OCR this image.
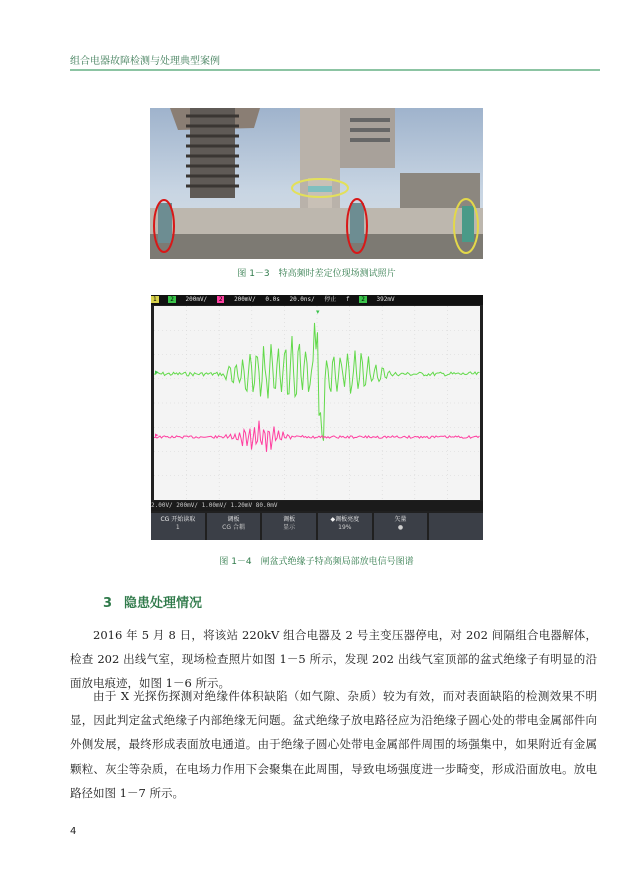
组合电器故障检测与处理典型案例
图 1－3　特高频时差定位现场测试照片
1 2 200mV/ 2 200mV/ 0.0s 20.0ns/ 停止 f 2 392mV
▸
▸
▾
2.00V/ 200mV/ 1.00mV/ 1.20mV 80.0mV
CG 开始读取
1
调板
CG 合耦
调板
显示
◆调板亮度
19%
矢量
●
图 1－4　闸盆式绝缘子特高频局部放电信号图谱
3 隐患处理情况
2016 年 5 月 8 日，将该站 220kV 组合电器及 2 号主变压器停电，对 202 间隔组合电器解体，检查 202 出线气室，现场检查照片如图 1－5 所示，发现 202 出线气室顶部的盆式绝缘子有明显的沿面放电痕迹，如图 1－6 所示。
由于 X 光探伤探测对绝缘件体积缺陷（如气隙、杂质）较为有效，而对表面缺陷的检测效果不明显，因此判定盆式绝缘子内部绝缘无问题。盆式绝缘子放电路径应为沿绝缘子圆心处的带电金属部件向外侧发展，最终形成表面放电通道。由于绝缘子圆心处带电金属部件周围的场强集中，如果附近有金属颗粒、灰尘等杂质，在电场力作用下会聚集在此周围，导致电场强度进一步畸变，形成沿面放电。放电路径如图 1－7 所示。
4
